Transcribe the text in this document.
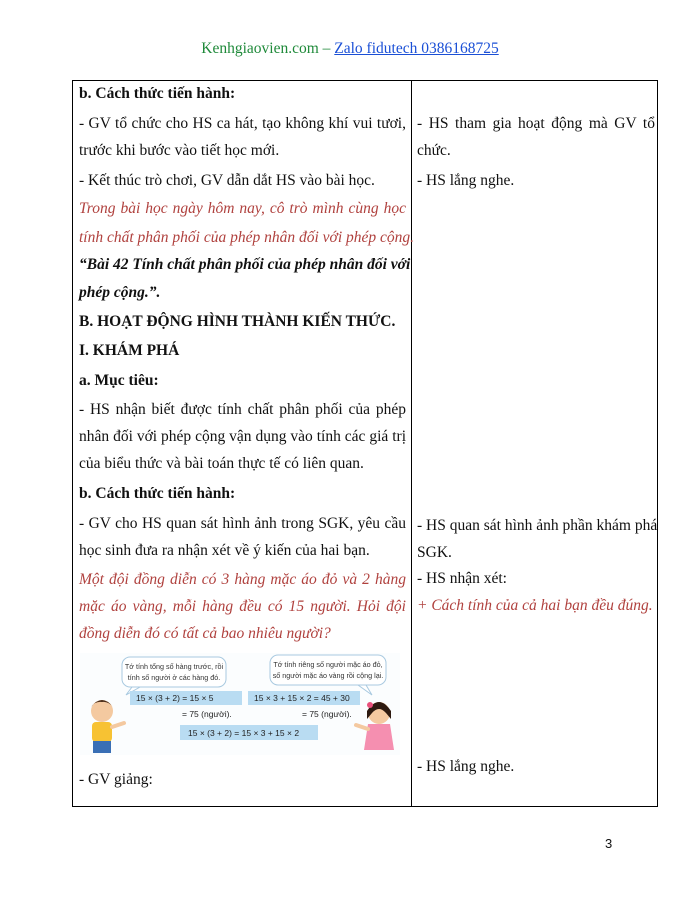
Kenhgiaovien.com – Zalo fidutech 0386168725
b. Cách thức tiến hành:
- GV tổ chức cho HS ca hát, tạo không khí vui tươi,
trước khi bước vào tiết học mới.
- Kết thúc trò chơi, GV dẫn dắt HS vào bài học.
Trong bài học ngày hôm nay, cô trò mình cùng học
tính chất phân phối của phép nhân đối với phép cộng.
“Bài 42 Tính chất phân phối của phép nhân đối với
phép cộng.”.
B. HOẠT ĐỘNG HÌNH THÀNH KIẾN THỨC.
I. KHÁM PHÁ
a. Mục tiêu:
- HS nhận biết được tính chất phân phối của phép
nhân đối với phép cộng vận dụng vào tính các giá trị
của biểu thức và bài toán thực tế có liên quan.
b. Cách thức tiến hành:
- GV cho HS quan sát hình ảnh trong SGK, yêu cầu
học sinh đưa ra nhận xét về ý kiến của hai bạn.
Một đội đồng diễn có 3 hàng mặc áo đỏ và 2 hàng
mặc áo vàng, mỗi hàng đều có 15 người. Hỏi đội
đồng diễn đó có tất cả bao nhiêu người?
Tớ tính tổng số hàng trước, rồi
tính số người ở các hàng đó.
Tớ tính riêng số người mặc áo đỏ,
số người mặc áo vàng rồi cộng lại.
15 × (3 + 2) = 15 × 5
= 75 (người).
15 × 3 + 15 × 2 = 45 + 30
= 75 (người).
15 × (3 + 2) = 15 × 3 + 15 × 2
- GV giảng:
- HS tham gia hoạt động mà GV tổ
chức.
- HS lắng nghe.
- HS quan sát hình ảnh phần khám phá
SGK.
- HS nhận xét:
+ Cách tính của cả hai bạn đều đúng.
- HS lắng nghe.
3
